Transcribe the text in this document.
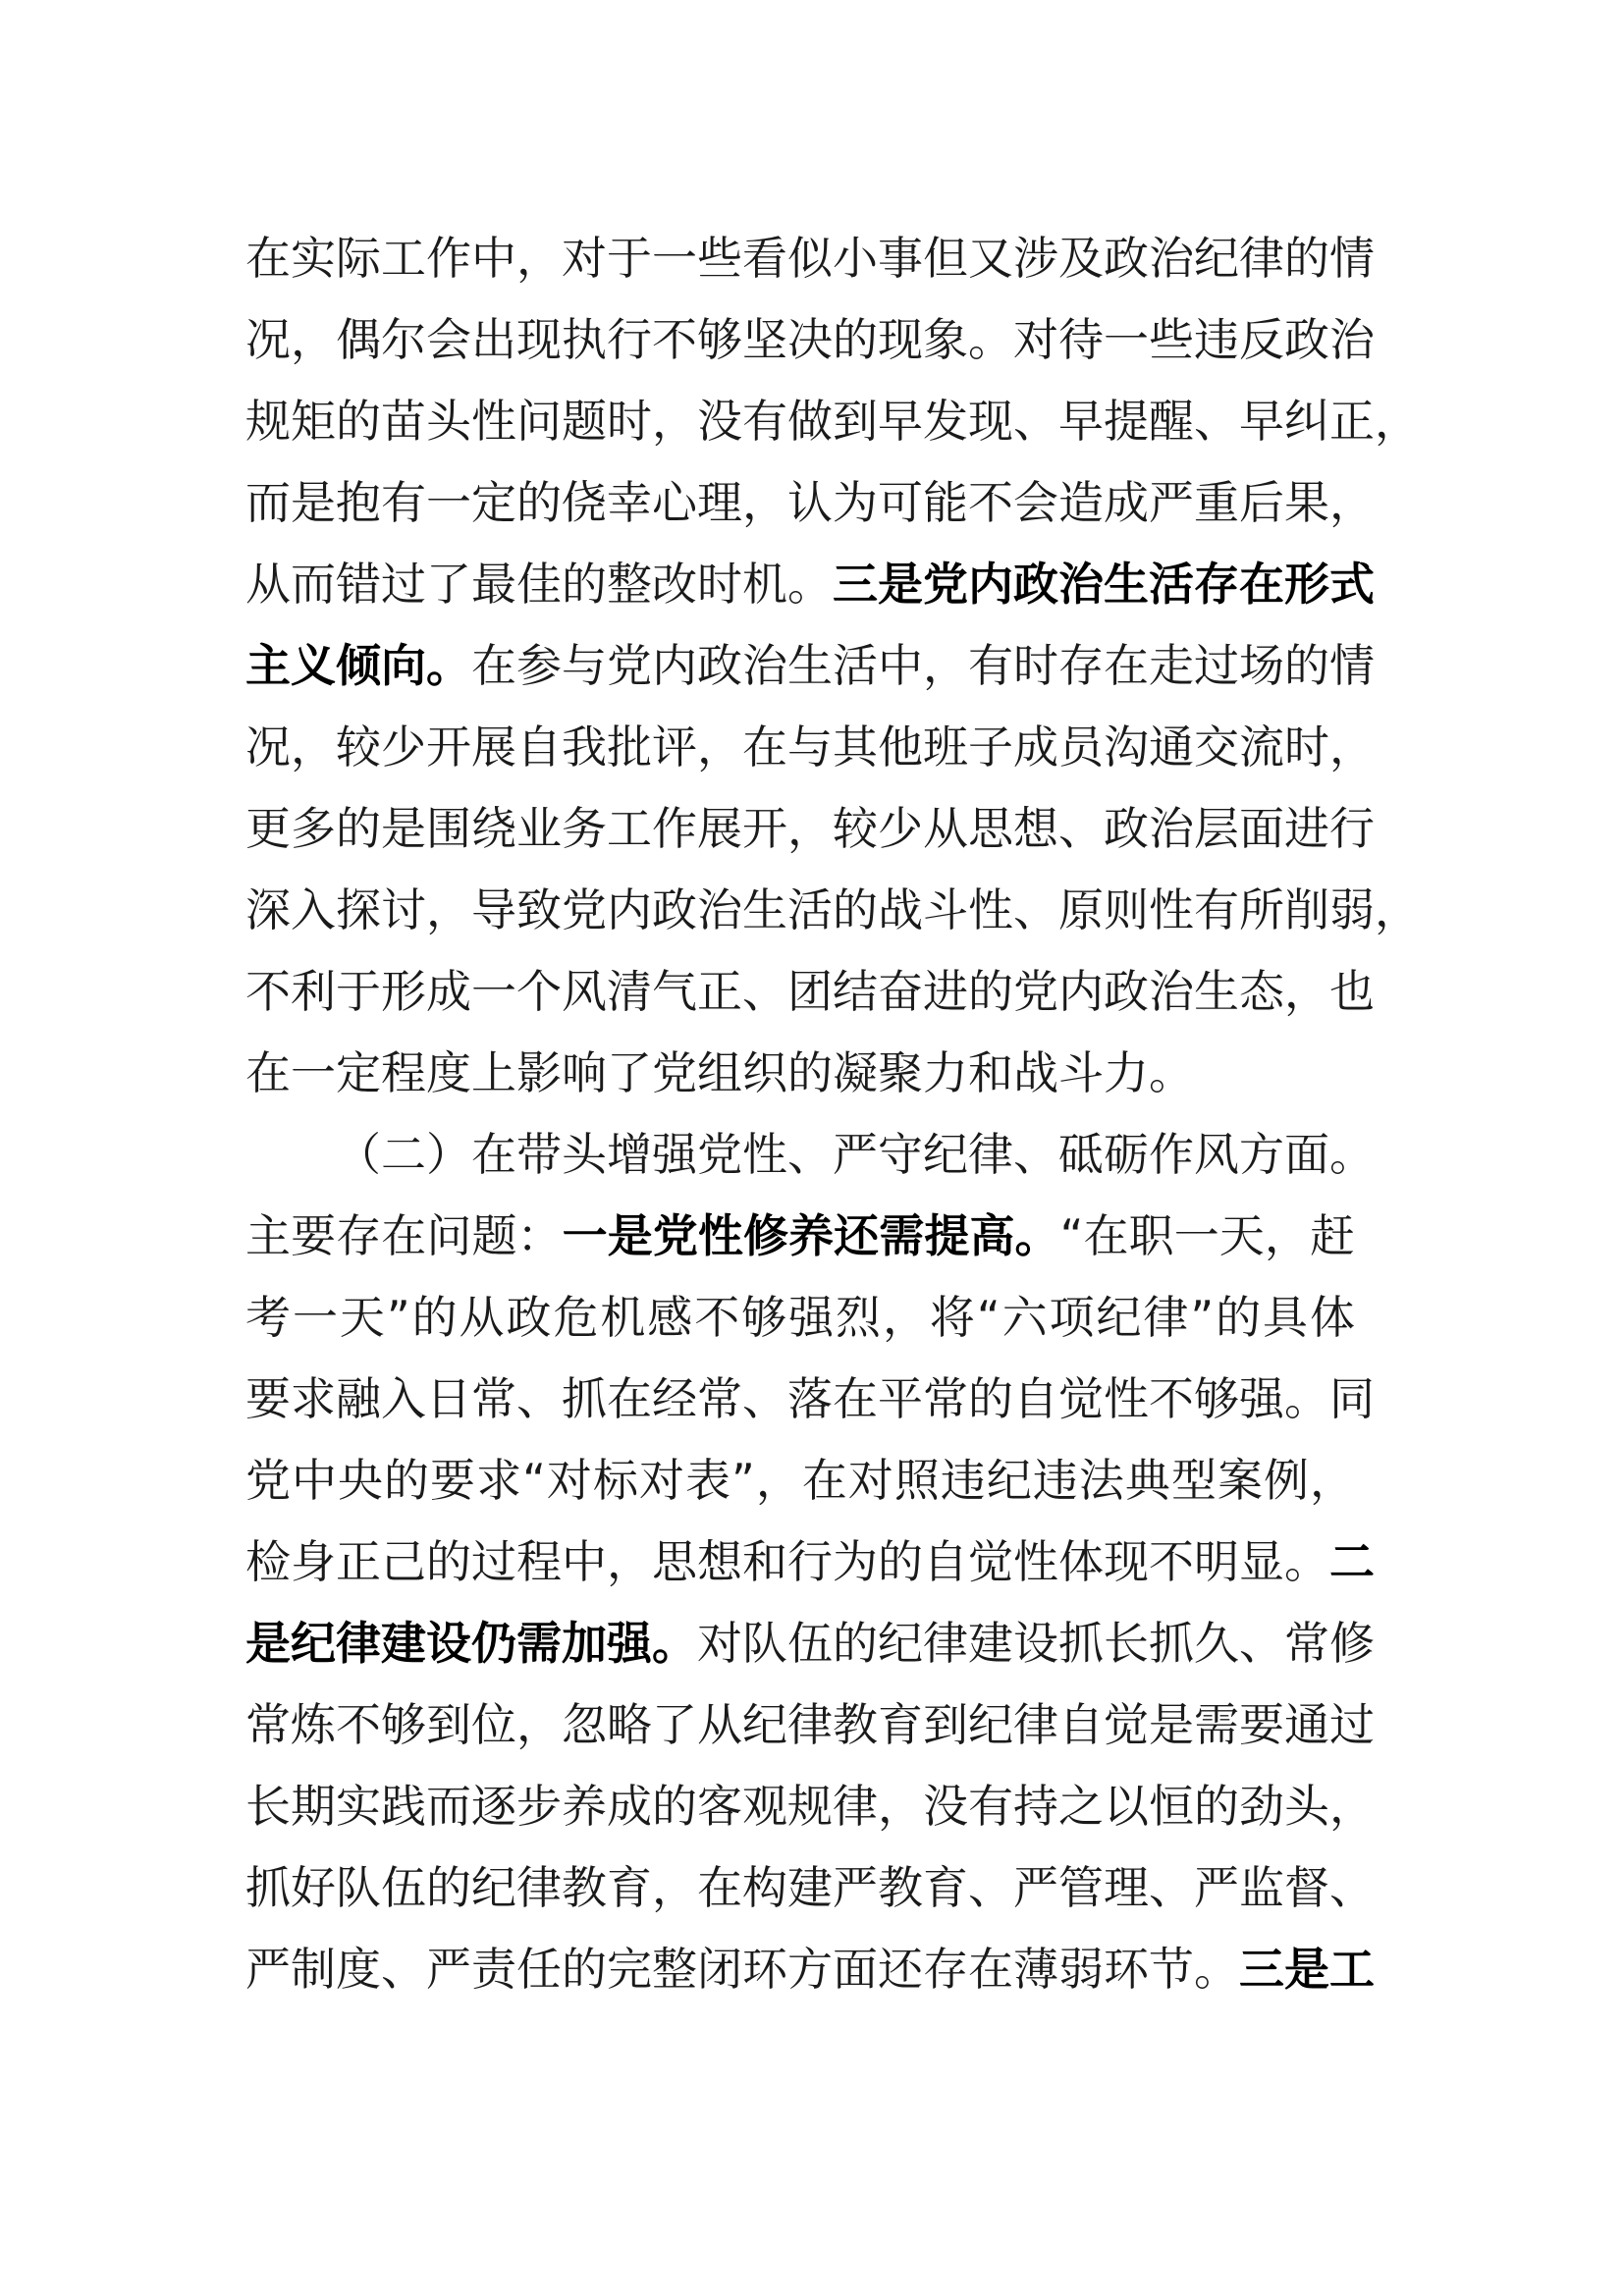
在实际工作中，对于一些看似小事但又涉及政治纪律的情
况，偶尔会出现执行不够坚决的现象。对待一些违反政治
规矩的苗头性问题时，没有做到早发现、早提醒、早纠正，
而是抱有一定的侥幸心理，认为可能不会造成严重后果，
从而错过了最佳的整改时机。三是党内政治生活存在形式
主义倾向。在参与党内政治生活中，有时存在走过场的情
况，较少开展自我批评，在与其他班子成员沟通交流时，
更多的是围绕业务工作展开，较少从思想、政治层面进行
深入探讨，导致党内政治生活的战斗性、原则性有所削弱，
不利于形成一个风清气正、团结奋进的党内政治生态，也
在一定程度上影响了党组织的凝聚力和战斗力。
（二）在带头增强党性、严守纪律、砥砺作风方面。
主要存在问题：一是党性修养还需提高。“在职一天，赶
考一天”的从政危机感不够强烈，将“六项纪律”的具体
要求融入日常、抓在经常、落在平常的自觉性不够强。同
党中央的要求“对标对表”，在对照违纪违法典型案例，
检身正己的过程中，思想和行为的自觉性体现不明显。二
是纪律建设仍需加强。对队伍的纪律建设抓长抓久、常修
常炼不够到位，忽略了从纪律教育到纪律自觉是需要通过
长期实践而逐步养成的客观规律，没有持之以恒的劲头，
抓好队伍的纪律教育，在构建严教育、严管理、严监督、
严制度、严责任的完整闭环方面还存在薄弱环节。三是工
